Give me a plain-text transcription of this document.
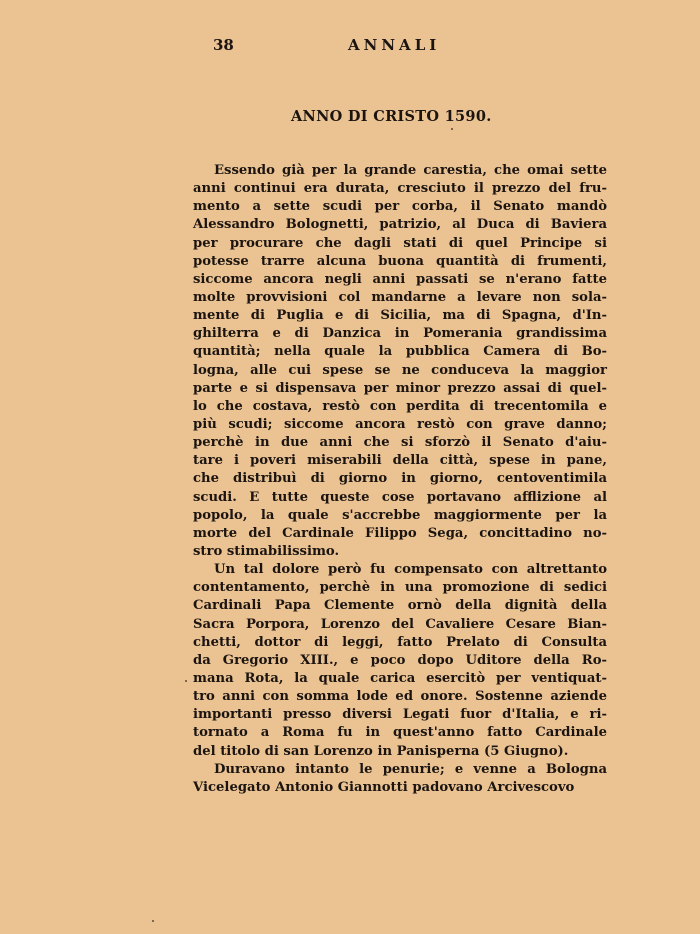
38	ANNALI
ANNO DI CRISTO 1590.
Essendo già per la grande carestia, che omai sette
anni continui era durata, cresciuto il prezzo del fru-
mento a sette scudi per corba, il Senato mandò
Alessandro Bolognetti, patrizio, al Duca di Baviera
per procurare che dagli stati di quel Principe si
potesse trarre alcuna buona quantità di frumenti,
siccome ancora negli anni passati se n'erano fatte
molte provvisioni col mandarne a levare non sola-
mente di Puglia e di Sicilia, ma di Spagna, d'In-
ghilterra e di Danzica in Pomerania grandissima
quantità; nella quale la pubblica Camera di Bo-
logna, alle cui spese se ne conduceva la maggior
parte e si dispensava per minor prezzo assai di quel-
lo che costava, restò con perdita di trecentomila e
più scudi; siccome ancora restò con grave danno;
perchè in due anni che si sforzò il Senato d'aiu-
tare i poveri miserabili della città, spese in pane,
che distribuì di giorno in giorno, centoventimila
scudi. E tutte queste cose portavano afflizione al
popolo, la quale s'accrebbe maggiormente per la
morte del Cardinale Filippo Sega, concittadino no-
stro stimabilissimo.
Un tal dolore però fu compensato con altrettanto
contentamento, perchè in una promozione di sedici
Cardinali Papa Clemente ornò della dignità della
Sacra Porpora, Lorenzo del Cavaliere Cesare Bian-
chetti, dottor di leggi, fatto Prelato di Consulta
da Gregorio XIII., e poco dopo Uditore della Ro-
mana Rota, la quale carica esercitò per ventiquat-
tro anni con somma lode ed onore. Sostenne aziende
importanti presso diversi Legati fuor d'Italia, e ri-
tornato a Roma fu in quest'anno fatto Cardinale
del titolo di san Lorenzo in Panisperna (5 Giugno).
Duravano intanto le penurie; e venne a Bologna
Vicelegato Antonio Giannotti padovano Arcivescovo
